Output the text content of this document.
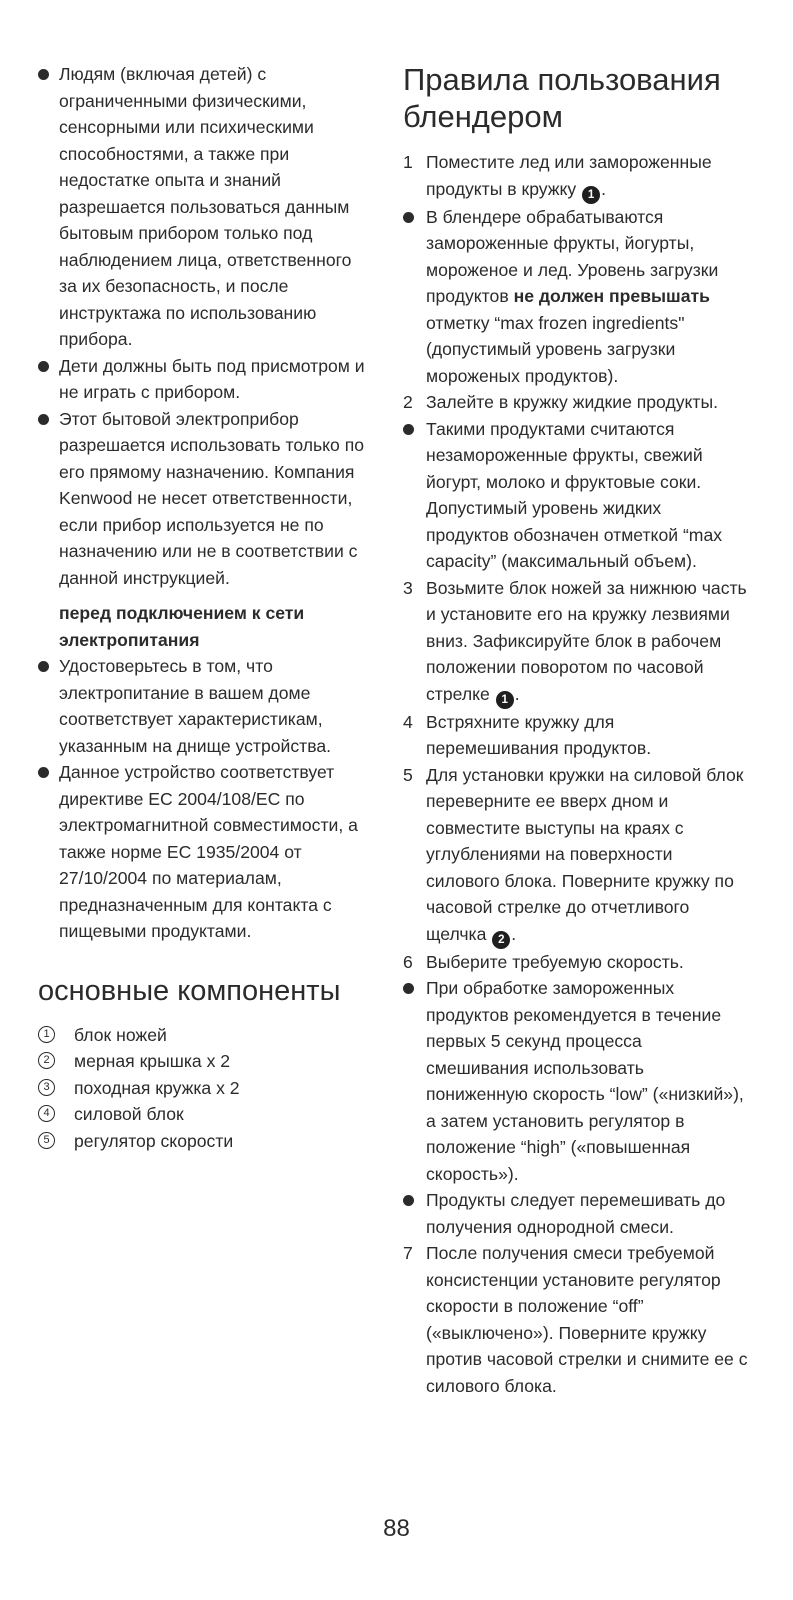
Людям (включая детей) с ограниченными физическими, сенсорными или психическими способностями, а также при недостатке опыта и знаний разрешается пользоваться данным бытовым прибором только под наблюдением лица, ответственного за их безопасность, и после инструктажа по использованию прибора.
Дети должны быть под присмотром и не играть с прибором.
Этот бытовой электроприбор разрешается использовать только по его прямому назначению. Компания Kenwood не несет ответственности, если прибор используется не по назначению или не в соответствии с данной инструкцией.
перед подключением к сети электропитания
Удостоверьтесь в том, что электропитание в вашем доме соответствует характеристикам, указанным на днище устройства.
Данное устройство соответствует директиве ЕС 2004/108/ЕС по электромагнитной совместимости, а также норме ЕС 1935/2004 от 27/10/2004 по материалам, предназначенным для контакта с пищевыми продуктами.
основные компоненты
1	блок ножей
2	мерная крышка х 2
3	походная кружка х 2
4	силовой блок
5	регулятор скорости
Правила пользования блендером
1 Поместите лед или замороженные продукты в кружку 1 .
В блендере обрабатываются замороженные фрукты, йогурты, мороженое и лед. Уровень загрузки продуктов не должен превышать отметку “max frozen ingredients" (допустимый уровень загрузки мороженых продуктов).
2 Залейте в кружку жидкие продукты.
Такими продуктами считаются незамороженные фрукты, свежий йогурт, молоко и фруктовые соки. Допустимый уровень жидких продуктов обозначен отметкой “max capacity” (максимальный объем).
3 Возьмите блок ножей за нижнюю часть и установите его на кружку лезвиями вниз. Зафиксируйте блок в рабочем положении поворотом по часовой стрелке 1 .
4 Встряхните кружку для перемешивания продуктов.
5 Для установки кружки на силовой блок переверните ее вверх дном и совместите выступы на краях с углублениями на поверхности силового блока. Поверните кружку по часовой стрелке до отчетливого щелчка 2 .
6 Выберите требуемую скорость.
При обработке замороженных продуктов рекомендуется в течение первых 5 секунд процесса смешивания использовать пониженную скорость “low” («низкий»), а затем установить регулятор в положение “high” («повышенная скорость»).
Продукты следует перемешивать до получения однородной смеси.
7 После получения смеси требуемой консистенции установите регулятор скорости в положение “off” («выключено»). Поверните кружку против часовой стрелки и снимите ее с силового блока.
88
